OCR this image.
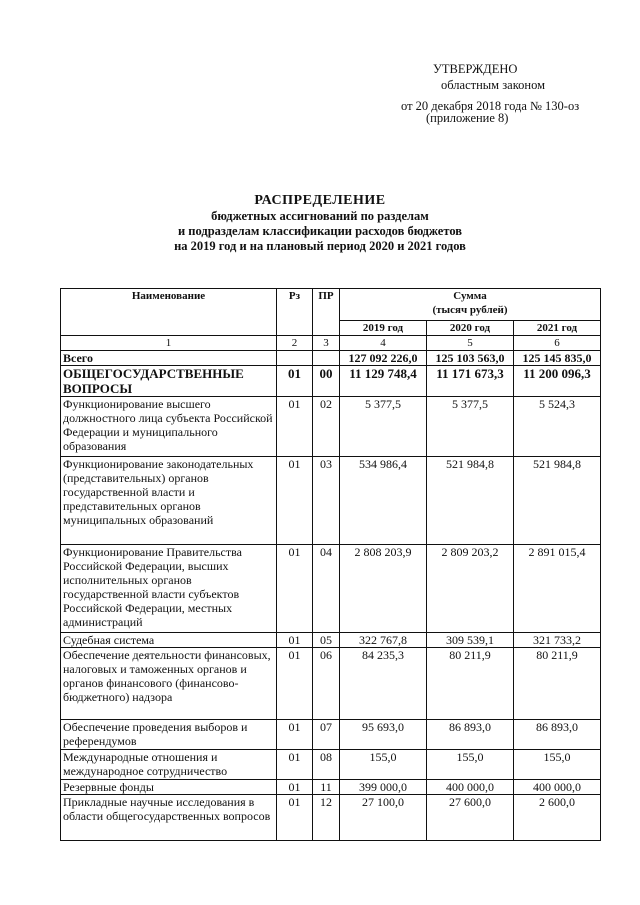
УТВЕРЖДЕНО
областным законом
от 20 декабря 2018 года № 130-оз
(приложение 8)
РАСПРЕДЕЛЕНИЕ
бюджетных ассигнований по разделам
и подразделам классификации расходов бюджетов
на 2019 год и на плановый период 2020 и 2021 годов
Наименование	Рз	ПР	Сумма
(тысяч рублей)		

			2019 год	2020 год	2021 год
1	2	3	4	5	6
Всего			127 092 226,0	125 103 563,0	125 145 835,0
ОБЩЕГОСУДАРСТВЕННЫЕ ВОПРОСЫ	01	00	11 129 748,4	11 171 673,3	11 200 096,3
Функционирование высшего должностного лица субъекта Российской Федерации и муниципального образования	01	02	5 377,5	5 377,5	5 524,3
Функционирование законодательных (представительных) органов государственной власти и представительных органов муниципальных образований	01	03	534 986,4	521 984,8	521 984,8
Функционирование Правительства Российской Федерации, высших исполнительных органов государственной власти субъектов Российской Федерации, местных администраций	01	04	2 808 203,9	2 809 203,2	2 891 015,4
Судебная система	01	05	322 767,8	309 539,1	321 733,2
Обеспечение деятельности финансовых, налоговых и таможенных органов и органов финансового (финансово-бюджетного) надзора	01	06	84 235,3	80 211,9	80 211,9
Обеспечение проведения выборов и референдумов	01	07	95 693,0	86 893,0	86 893,0
Международные отношения и международное сотрудничество	01	08	155,0	155,0	155,0
Резервные фонды	01	11	399 000,0	400 000,0	400 000,0
Прикладные научные исследования в области общегосударственных вопросов	01	12	27 100,0	27 600,0	2 600,0
